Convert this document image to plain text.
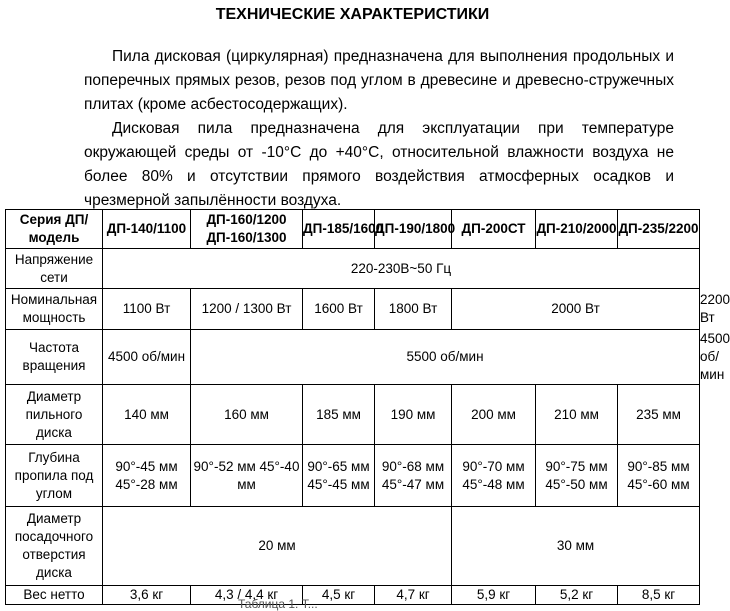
ТЕХНИЧЕСКИЕ ХАРАКТЕРИСТИКИ

Пила дисковая (циркулярная) предназначена для выполнения продольных и поперечных прямых резов, резов под углом в древесине и древесно-стружечных плитах (кроме асбестосодержащих).

Дисковая пила предназначена для эксплуатации при температуре окружающей среды от -10°C до +40°C, относительной влажности воздуха не более 80% и отсутствии прямого воздействия атмосферных осадков и чрезмерной запылённости воздуха.

Серия ДП/модель	ДП-140/1100	ДП-160/1200 ДП-160/1300	ДП-185/1600	ДП-190/1800	ДП-200СТ	ДП-210/2000	ДП-235/2200	
Напряжение сети	220-230В~50 Гц							
Номинальная мощность	1100 Вт	1200 / 1300 Вт	1600 Вт	1800 Вт	2000 Вт			2200 Вт
Частота вращения	4500 об/мин	5500 об/мин						4500 об/мин
Диаметр пильного диска	140 мм	160 мм	185 мм	190 мм	200 мм	210 мм	235 мм	
Глубина пропила под углом	90°-45 мм 45°-28 мм	90°-52 мм 45°-40 мм	90°-65 мм 45°-45 мм	90°-68 мм 45°-47 мм	90°-70 мм 45°-48 мм	90°-75 мм 45°-50 мм	90°-85 мм 45°-60 мм	
Диаметр посадочного отверстия диска	20 мм				30 мм			
Вес нетто	3,6 кг	4,3 / 4,4 кг	4,5 кг	4,7 кг	5,9 кг	5,2 кг	8,5 кг	
Таблица 1. Т...
